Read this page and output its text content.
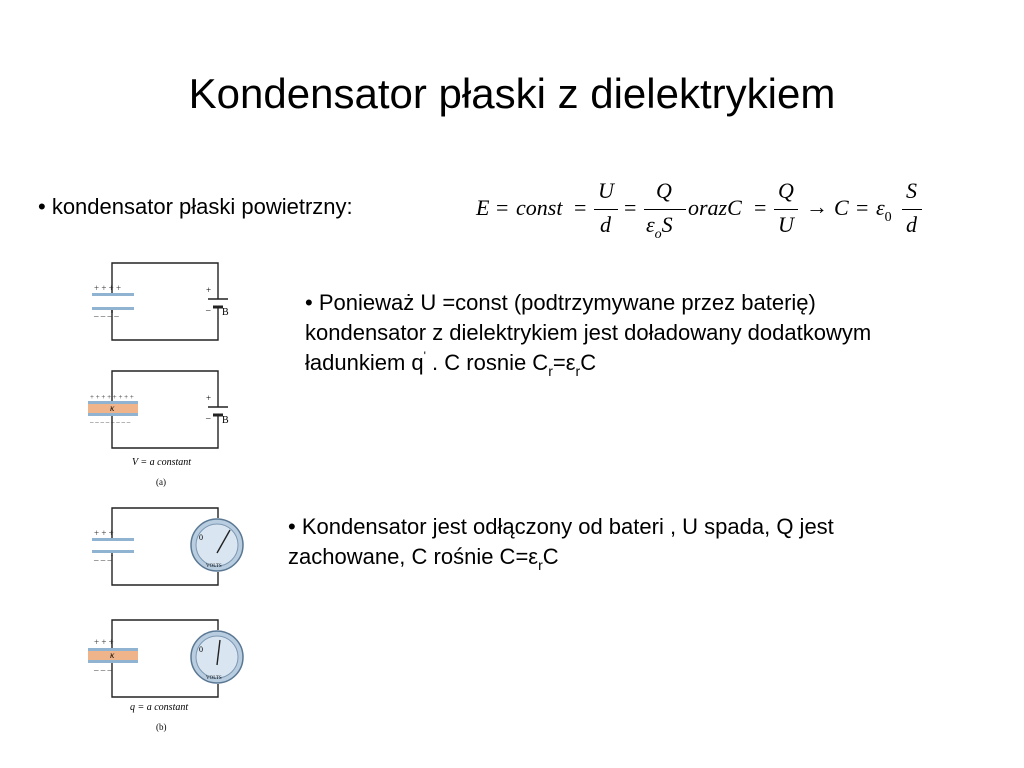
Kondensator płaski z dielektrykiem
• kondensator płaski powietrzny:	E = const =
U
d
=
Q
$\varepsilon_oS$
orazC =
Q
U
→ $C = \varepsilon_0$
S
d
• Ponieważ U =const (podtrzymywane przez baterię)
kondensator z dielektrykiem jest doładowany dodatkowym
ładunkiem q' . C rosnie $C_r=\varepsilon_rC$
• Kondensator jest odłączony od bateri , U spada, Q jest
zachowane, C rośnie $C=\varepsilon_rC$
+ + + +
– – – –
+
– B
+ + + + + + + +
– – – – – – – –
κ
+
– B
V = a constant
(a)
+ + +
– – –
0
VOLTS
+ + +
– – –
κ
0
VOLTS
q = a constant
(b)
